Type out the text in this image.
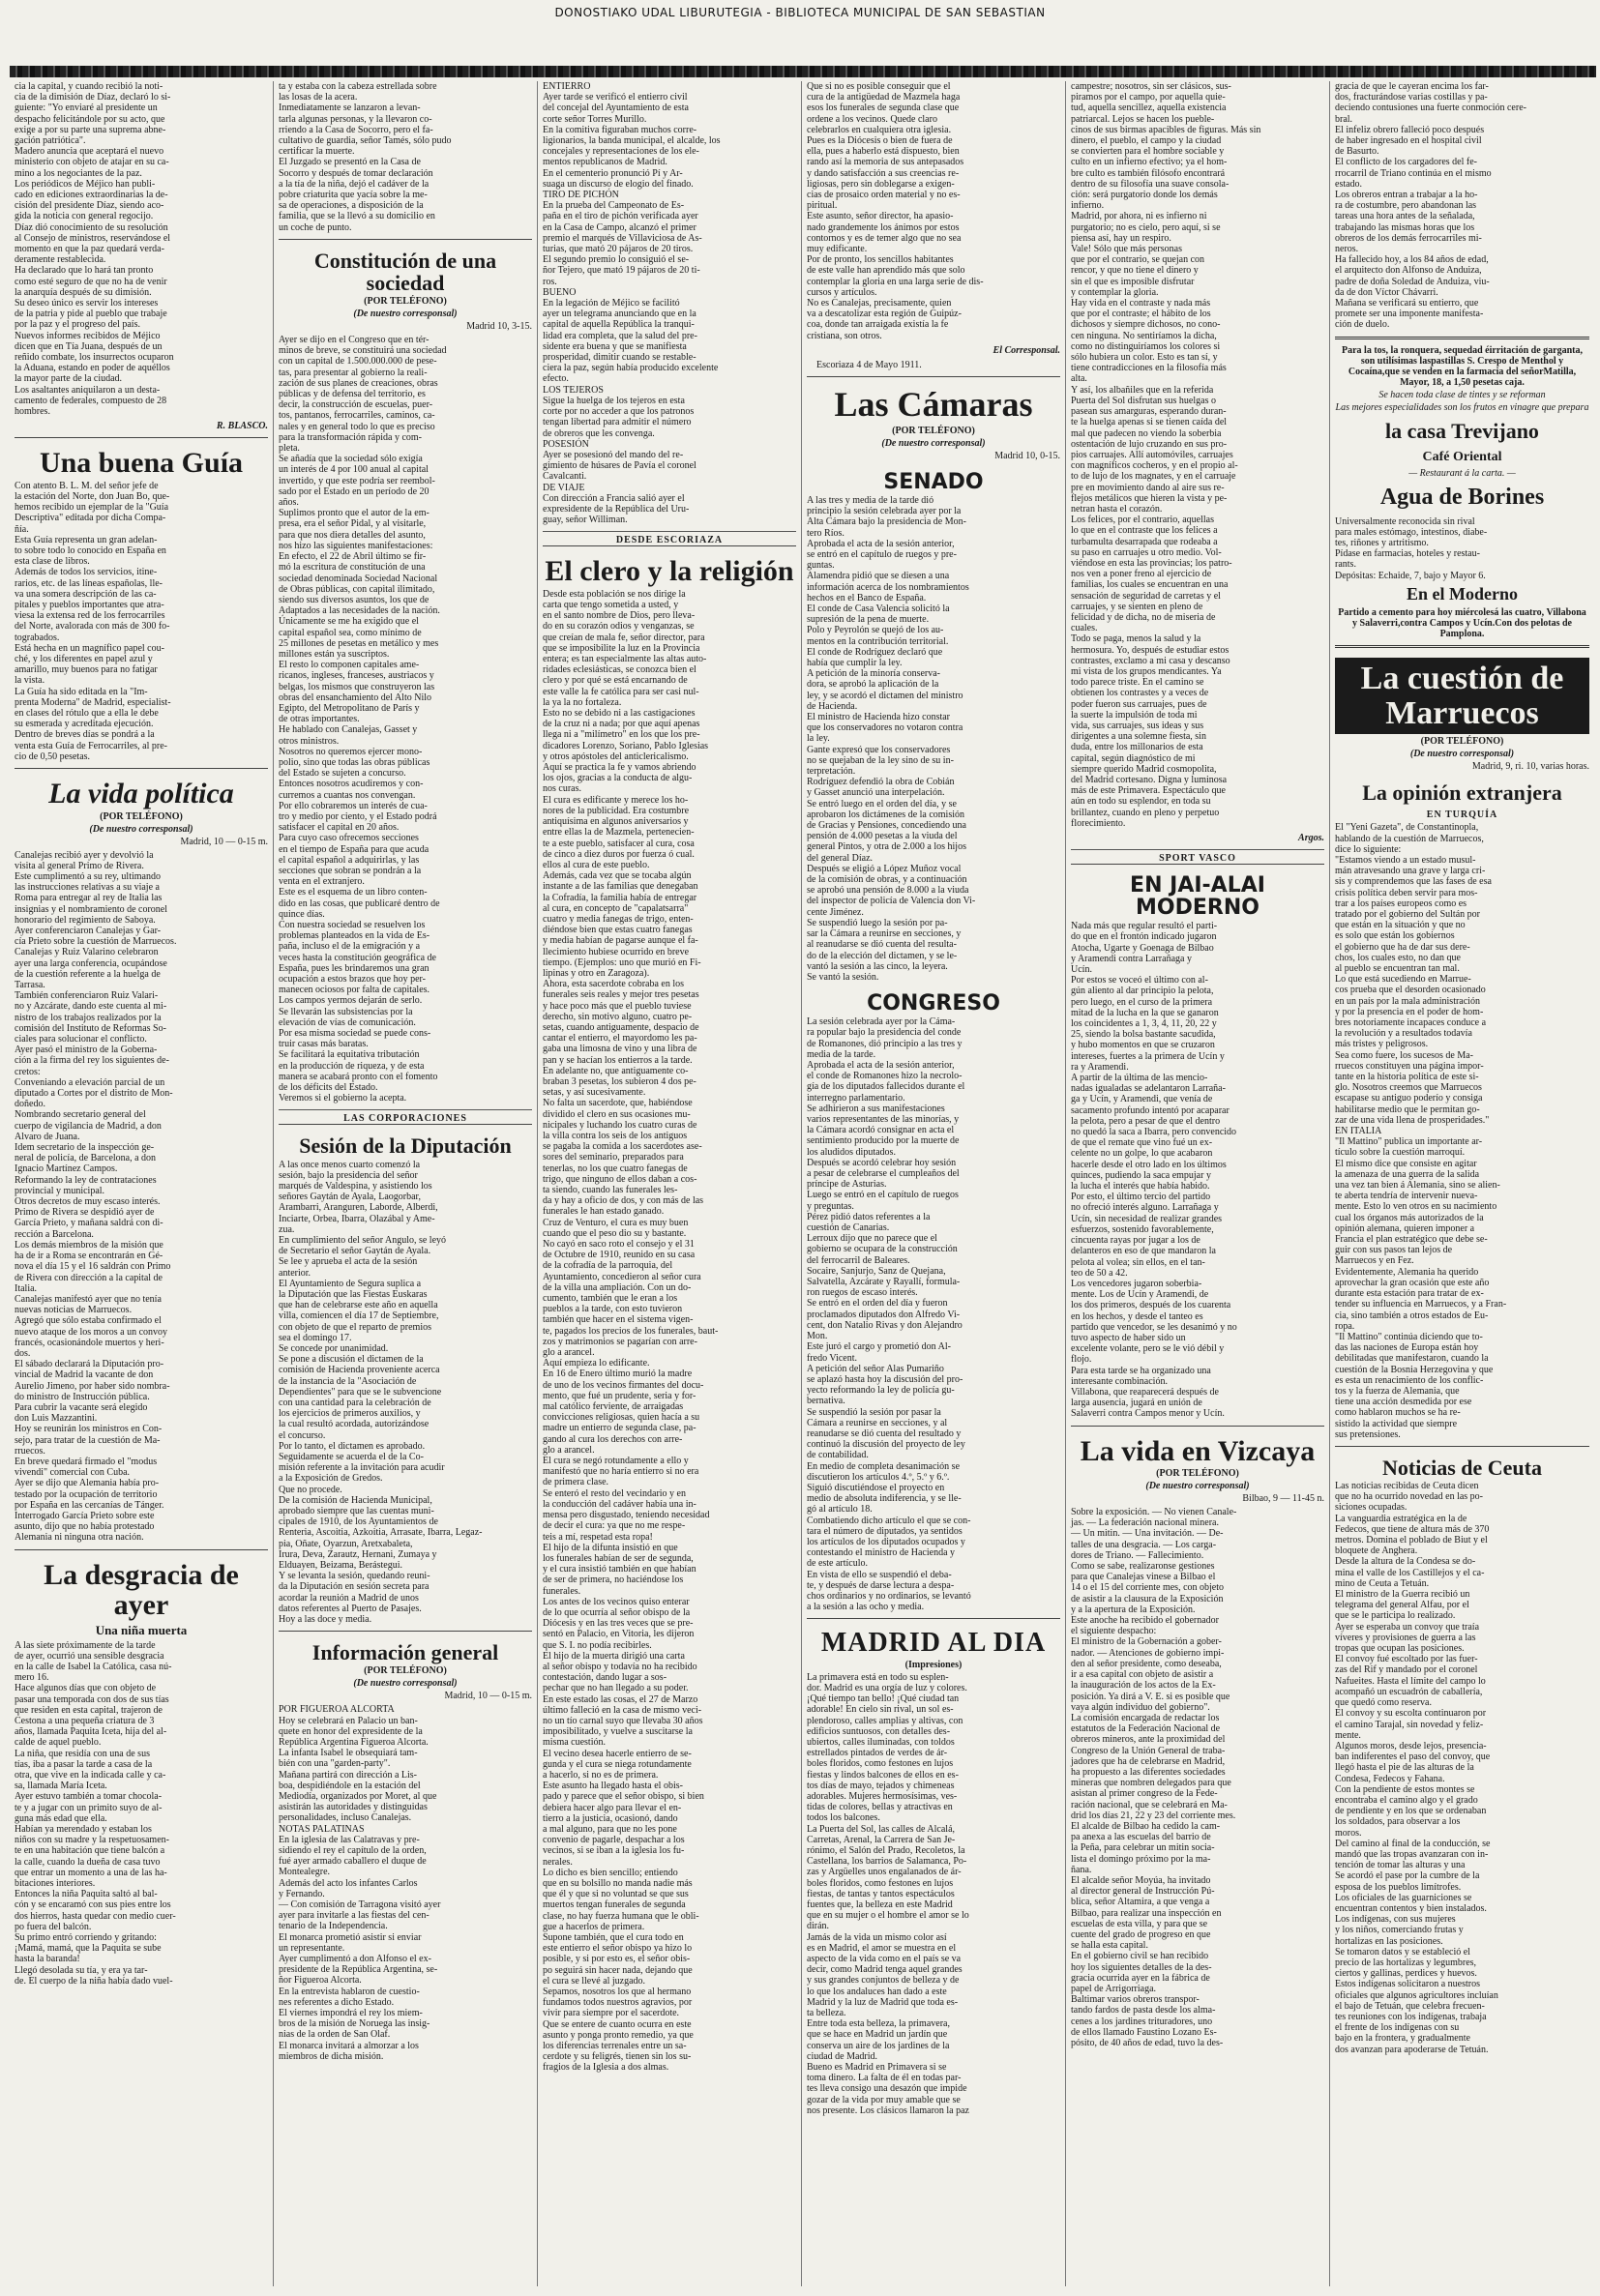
DONOSTIAKO UDAL LIBURUTEGIA - BIBLIOTECA MUNICIPAL DE SAN SEBASTIAN
cia la capital, y cuando recibió la noti-
cia de la dimisión de Díaz, declaró lo si-
guiente: "Yo enviaré al presidente un
despacho felicitándole por su acto, que
exige a por su parte una suprema abne-
gación patriótica".
Madero anuncia que aceptará el nuevo
ministerio con objeto de atajar en su ca-
mino a los negociantes de la paz.
Los periódicos de Méjico han publi-
cado en ediciones extraordinarias la de-
cisión del presidente Díaz, siendo aco-
gida la noticia con general regocijo.
Díaz dió conocimiento de su resolución
al Consejo de ministros, reservándose el
momento en que la paz quedará verda-
deramente restablecida.
Ha declarado que lo hará tan pronto
como esté seguro de que no ha de venir
la anarquía después de su dimisión.
Su deseo único es servir los intereses
de la patria y pide al pueblo que trabaje
por la paz y el progreso del país.
Nuevos informes recibidos de Méjico
dicen que en Tía Juana, después de un
reñido combate, los insurrectos ocuparon
la Aduana, estando en poder de aquéllos
la mayor parte de la ciudad.
Los asaltantes aniquilaron a un desta-
camento de federales, compuesto de 28
hombres.
R. BLASCO.
Una buena Guía
Con atento B. L. M. del señor jefe de
la estación del Norte, don Juan Bo, que-
hemos recibido un ejemplar de la "Guía
Descriptiva" editada por dicha Compa-
ñía.
Esta Guía representa un gran adelan-
to sobre todo lo conocido en España en
esta clase de libros.
Además de todos los servicios, itine-
rarios, etc. de las líneas españolas, lle-
va una somera descripción de las ca-
pitales y pueblos importantes que atra-
viesa la extensa red de los ferrocarriles
del Norte, avalorada con más de 300 fo-
tograbados.
Está hecha en un magnífico papel cou-
ché, y los diferentes en papel azul y
amarillo, muy buenos para no fatigar
la vista.
La Guía ha sido editada en la "Im-
prenta Moderna" de Madrid, especialist-
en clases del rótulo que a ella le debe
su esmerada y acreditada ejecución.
Dentro de breves días se pondrá a la
venta esta Guía de Ferrocarriles, al pre-
cio de 0,50 pesetas.
La vida política
(POR TELÉFONO)
(De nuestro corresponsal)
Madrid, 10 — 0-15 m.
Canalejas recibió ayer y devolvió la
visita al general Primo de Rivera.
Este cumplimentó a su rey, ultimando
las instrucciones relativas a su viaje a
Roma para entregar al rey de Italia las
insignias y el nombramiento de coronel
honorario del regimiento de Saboya.
Ayer conferenciaron Canalejas y Gar-
cía Prieto sobre la cuestión de Marruecos.
Canalejas y Ruiz Valarino celebraron
ayer una larga conferencia, ocupándose
de la cuestión referente a la huelga de
Tarrasa.
También conferenciaron Ruiz Valari-
no y Azcárate, dando este cuenta al mi-
nistro de los trabajos realizados por la
comisión del Instituto de Reformas So-
ciales para solucionar el conflicto.
Ayer pasó el ministro de la Goberna-
ción a la firma del rey los siguientes de-
cretos:
Conveniando a elevación parcial de un
diputado a Cortes por el distrito de Mon-
doñedo.
Nombrando secretario general del
cuerpo de vigilancia de Madrid, a don
Alvaro de Juana.
Idem secretario de la inspección ge-
neral de policía, de Barcelona, a don
Ignacio Martínez Campos.
Reformando la ley de contrataciones
provincial y municipal.
Otros decretos de muy escaso interés.
Primo de Rivera se despidió ayer de
García Prieto, y mañana saldrá con di-
rección a Barcelona.
Los demás miembros de la misión que
ha de ir a Roma se encontrarán en Gé-
nova el día 15 y el 16 saldrán con Primo
de Rivera con dirección a la capital de
Italia.
Canalejas manifestó ayer que no tenía
nuevas noticias de Marruecos.
Agregó que sólo estaba confirmado el
nuevo ataque de los moros a un convoy
francés, ocasionándole muertos y heri-
dos.
El sábado declarará la Diputación pro-
vincial de Madrid la vacante de don
Aurelio Jimeno, por haber sido nombra-
do ministro de Instrucción pública.
Para cubrir la vacante será elegido
don Luis Mazzantini.
Hoy se reunirán los ministros en Con-
sejo, para tratar de la cuestión de Ma-
rruecos.
En breve quedará firmado el "modus
vivendi" comercial con Cuba.
Ayer se dijo que Alemania había pro-
testado por la ocupación de territorio
por España en las cercanías de Tánger.
Interrogado García Prieto sobre este
asunto, dijo que no había protestado
Alemania ni ninguna otra nación.
La desgracia de ayer
Una niña muerta
A las siete próximamente de la tarde
de ayer, ocurrió una sensible desgracia
en la calle de Isabel la Católica, casa nú-
mero 16.
Hace algunos días que con objeto de
pasar una temporada con dos de sus tías
que residen en esta capital, trajeron de
Cestona a una pequeña criatura de 3
años, llamada Paquita Iceta, hija del al-
calde de aquel pueblo.
La niña, que residía con una de sus
tías, iba a pasar la tarde a casa de la
otra, que vive en la indicada calle y ca-
sa, llamada María Iceta.
Ayer estuvo también a tomar chocola-
te y a jugar con un primito suyo de al-
guna más edad que ella.
Habían ya merendado y estaban los
niños con su madre y la respetuosamen-
te en una habitación que tiene balcón a
la calle, cuando la dueña de casa tuvo
que entrar un momento a una de las ha-
bitaciones interiores.
Entonces la niña Paquita saltó al bal-
cón y se encaramó con sus pies entre los
dos hierros, hasta quedar con medio cuer-
po fuera del balcón.
Su primo entró corriendo y gritando:
¡Mamá, mamá, que la Paquita se sube
hasta la baranda!
Llegó desolada su tía, y era ya tar-
de. El cuerpo de la niña había dado vuel-
ta y estaba con la cabeza estrellada sobre
las losas de la acera.
Inmediatamente se lanzaron a levan-
tarla algunas personas, y la llevaron co-
rriendo a la Casa de Socorro, pero el fa-
cultativo de guardia, señor Tamés, sólo pudo
certificar la muerte.
El Juzgado se presentó en la Casa de
Socorro y después de tomar declaración
a la tía de la niña, dejó el cadáver de la
pobre criaturita que yacía sobre la me-
sa de operaciones, a disposición de la
familia, que se la llevó a su domicilio en
un coche de punto.
Constitución de una sociedad
(POR TELÉFONO)
(De nuestro corresponsal)
Madrid 10, 3-15.
Ayer se dijo en el Congreso que en tér-
minos de breve, se constituirá una sociedad
con un capital de 1.500.000.000 de pese-
tas, para presentar al gobierno la reali-
zación de sus planes de creaciones, obras
públicas y de defensa del territorio, es
decir, la construcción de escuelas, puer-
tos, pantanos, ferrocarriles, caminos, ca-
nales y en general todo lo que es preciso
para la transformación rápida y com-
pleta.
Se añadía que la sociedad sólo exigía
un interés de 4 por 100 anual al capital
invertido, y que este podría ser reembol-
sado por el Estado en un período de 20
años.
Suplimos pronto que el autor de la em-
presa, era el señor Pidal, y al visitarle,
para que nos diera detalles del asunto,
nos hizo las siguientes manifestaciones:
En efecto, el 22 de Abril último se fir-
mó la escritura de constitución de una
sociedad denominada Sociedad Nacional
de Obras públicas, con capital ilimitado,
siendo sus diversos asuntos, los que de
Adaptados a las necesidades de la nación.
Únicamente se me ha exigido que el
capital español sea, como mínimo de
25 millones de pesetas en metálico y mes
millones están ya suscriptos.
El resto lo componen capitales ame-
ricanos, ingleses, franceses, austriacos y
belgas, los mismos que construyeron las
obras del ensanchamiento del Alto Nilo
Egipto, del Metropolitano de París y
de otras importantes.
He hablado con Canalejas, Gasset y
otros ministros.
Nosotros no queremos ejercer mono-
polio, sino que todas las obras públicas
del Estado se sujeten a concurso.
Entonces nosotros acudiremos y con-
curremos a cuantas nos convengan.
Por ello cobraremos un interés de cua-
tro y medio por ciento, y el Estado podrá
satisfacer el capital en 20 años.
Para cuyo caso ofrecemos secciones
en el tiempo de España para que acuda
el capital español a adquirirlas, y las
secciones que sobran se pondrán a la
venta en el extranjero.
Este es el esquema de un libro conten-
dido en las cosas, que publicaré dentro de
quince días.
Con nuestra sociedad se resuelven los
problemas planteados en la vida de Es-
paña, incluso el de la emigración y a
veces hasta la constitución geográfica de
España, pues les brindaremos una gran
ocupación a estos brazos que hoy per-
manecen ociosos por falta de capitales.
Los campos yermos dejarán de serlo.
Se llevarán las subsistencias por la
elevación de vías de comunicación.
Por esa misma sociedad se puede cons-
truir casas más baratas.
Se facilitará la equitativa tributación
en la producción de riqueza, y de esta
manera se acabará pronto con el fomento
de los déficits del Estado.
Veremos si el gobierno la acepta.
LAS CORPORACIONES
Sesión de la Diputación
A las once menos cuarto comenzó la
sesión, bajo la presidencia del señor
marqués de Valdespina, y asistiendo los
señores Gaytán de Ayala, Laogorbar,
Arambarri, Aranguren, Laborde, Alberdi,
Inciarte, Orbea, Ibarra, Olazábal y Ame-
zua.
En cumplimiento del señor Angulo, se leyó
de Secretario el señor Gaytán de Ayala.
Se lee y aprueba el acta de la sesión
anterior.
El Ayuntamiento de Segura suplica a
la Diputación que las Fiestas Euskaras
que han de celebrarse este año en aquella
villa, comiencen el día 17 de Septiembre,
con objeto de que el reparto de premios
sea el domingo 17.
Se concede por unanimidad.
Se pone a discusión el dictamen de la
comisión de Hacienda proveniente acerca
de la instancia de la "Asociación de
Dependientes" para que se le subvencione
con una cantidad para la celebración de
los ejercicios de primeros auxilios, y
la cual resultó acordada, autorizándose
el concurso.
Por lo tanto, el dictamen es aprobado.
Seguidamente se acuerda el de la Co-
misión referente a la invitación para acudir
a la Exposición de Gredos.
Que no procede.
De la comisión de Hacienda Municipal,
aprobado siempre que las cuentas muni-
cipales de 1910, de los Ayuntamientos de
Renteria, Ascoitia, Azkoitia, Arrasate, Ibarra, Legaz-
pia, Oñate, Oyarzun, Aretxabaleta,
Irura, Deva, Zarautz, Hernani, Zumaya y
Elduayen, Beizama, Berástegui.
Y se levanta la sesión, quedando reuni-
da la Diputación en sesión secreta para
acordar la reunión a Madrid de unos
datos referentes al Puerto de Pasajes.
Hoy a las doce y media.
Información general
(POR TELÉFONO)
(De nuestro corresponsal)
Madrid, 10 — 0-15 m.
POR FIGUEROA ALCORTA
Hoy se celebrará en Palacio un ban-
quete en honor del expresidente de la
República Argentina Figueroa Alcorta.
La infanta Isabel le obsequiará tam-
bién con una "garden-party".
Mañana partirá con dirección a Lis-
boa, despidiéndole en la estación del
Mediodía, organizados por Moret, al que
asistirán las autoridades y distinguidas
personalidades, incluso Canalejas.
NOTAS PALATINAS
En la iglesia de las Calatravas y pre-
sidiendo el rey el capítulo de la orden,
fué ayer armado caballero el duque de
Montealegre.
Además del acto los infantes Carlos
y Fernando.
— Con comisión de Tarragona visitó ayer
ayer para invitarle a las fiestas del cen-
tenario de la Independencia.
El monarca prometió asistir si enviar
un representante.
Ayer cumplimentó a don Alfonso el ex-
presidente de la República Argentina, se-
ñor Figueroa Alcorta.
En la entrevista hablaron de cuestio-
nes referentes a dicho Estado.
El viernes impondrá el rey los miem-
bros de la misión de Noruega las insig-
nias de la orden de San Olaf.
El monarca invitará a almorzar a los
miembros de dicha misión.
ENTIERRO
Ayer tarde se verificó el entierro civil
del concejal del Ayuntamiento de esta
corte señor Torres Murillo.
En la comitiva figuraban muchos corre-
ligionarios, la banda municipal, el alcalde, los
concejales y representaciones de los ele-
mentos republicanos de Madrid.
En el cementerio pronunció Pí y Ar-
suaga un discurso de elogio del finado.
TIRO DE PICHÓN
En la prueba del Campeonato de Es-
paña en el tiro de pichón verificada ayer
en la Casa de Campo, alcanzó el primer
premio el marqués de Villaviciosa de As-
turias, que mató 20 pájaros de 20 tiros.
El segundo premio lo consiguió el se-
ñor Tejero, que mató 19 pájaros de 20 ti-
ros.
BUENO
En la legación de Méjico se facilitó
ayer un telegrama anunciando que en la
capital de aquella República la tranqui-
lidad era completa, que la salud del pre-
sidente era buena y que se manifiesta
prosperidad, dimitir cuando se restable-
ciera la paz, según había producido excelente
efecto.
LOS TEJEROS
Sigue la huelga de los tejeros en esta
corte por no acceder a que los patronos
tengan libertad para admitir el número
de obreros que les convenga.
POSESIÓN
Ayer se posesionó del mando del re-
gimiento de húsares de Pavía el coronel
Cavalcanti.
DE VIAJE
Con dirección a Francia salió ayer el
expresidente de la República del Uru-
guay, señor Williman.
DESDE ESCORIAZA
El clero y la religión
Desde esta población se nos dirige la
carta que tengo sometida a usted, y
en el santo nombre de Dios, pero lleva-
do en su corazón odios y venganzas, se
que creían de mala fe, señor director, para
que se imposibilite la luz en la Provincia
entera; es tan especialmente las altas auto-
ridades eclesiásticas, se conozca bien el
clero y por qué se está encarnando de
este valle la fe católica para ser casi nul-
la ya la no fortaleza.
Esto no se debido ni a las castigaciones
de la cruz ni a nada; por que aquí apenas
llega ni a "milímetro" en los que los pre-
dicadores Lorenzo, Soriano, Pablo Iglesias
y otros apóstoles del anticlericalismo.
Aquí se practica la fe y vamos abriendo
los ojos, gracias a la conducta de algu-
nos curas.
El cura es edificante y merece los ho-
nores de la publicidad. Era costumbre
antiquísima en algunos aniversarios y
entre ellas la de Mazmela, pertenecien-
te a este pueblo, satisfacer al cura, cosa
de cinco a diez duros por fuerza ó cual.
ellos al cura de este pueblo.
Además, cada vez que se tocaba algún
instante a de las familias que denegaban
la Cofradía, la familia había de entregar
al cura, en concepto de "capalatsarra"
cuatro y media fanegas de trigo, enten-
diéndose bien que estas cuatro fanegas
y media habían de pagarse aunque el fa-
llecimiento hubiese ocurrido en breve
tiempo. (Ejemplos: uno que murió en Fi-
lipinas y otro en Zaragoza).
Ahora, esta sacerdote cobraba en los
funerales seis reales y mejor tres pesetas
y hace poco más que el pueblo tuviese
derecho, sin motivo alguno, cuatro pe-
setas, cuando antiguamente, despacio de
cantar el entierro, el mayordomo les pa-
gaba una limosna de vino y una libra de
pan y se hacían los entierros a la tarde.
En adelante no, que antiguamente co-
braban 3 pesetas, los subieron 4 dos pe-
setas, y así sucesivamente.
No falta un sacerdote, que, habiéndose
dividido el clero en sus ocasiones mu-
nicipales y luchando los cuatro curas de
la villa contra los seis de los antiguos
se pagaba la comida a los sacerdotes ase-
sores del seminario, preparados para
tenerlas, no los que cuatro fanegas de
trigo, que ninguno de ellos daban a cos-
ta siendo, cuando las funerales les-
da y hay a oficio de dos, y con más de las
funerales le han estado ganado.
Cruz de Venturo, el cura es muy buen
cuando que el peso dio su y bastante.
No cayó en saco roto el consejo y el 31
de Octubre de 1910, reunido en su casa
de la cofradía de la parroquia, del
Ayuntamiento, concedieron al señor cura
de la villa una ampliación. Con un do-
cumento, también que le eran a los
pueblos a la tarde, con esto tuvieron
también que hacer en el sistema vigen-
te, pagados los precios de los funerales, baut-
zos y matrimonios se pagarían con arre-
glo a arancel.
Aquí empieza lo edificante.
En 16 de Enero último murió la madre
de uno de los vecinos firmantes del docu-
mento, que fué un prudente, seria y for-
mal católico ferviente, de arraigadas
convicciones religiosas, quien hacía a su
madre un entierro de segunda clase, pa-
gando al cura los derechos con arre-
glo a arancel.
El cura se negó rotundamente a ello y
manifestó que no haría entierro si no era
de primera clase.
Se enteró el resto del vecindario y en
la conducción del cadáver había una in-
mensa pero disgustado, teniendo necesidad
de decir el cura: ya que no me respe-
teis a mí, respetad esta ropa!
El hijo de la difunta insistió en que
los funerales habían de ser de segunda,
y el cura insistió también en que habían
de ser de primera, no haciéndose los
funerales.
Los antes de los vecinos quiso enterar
de lo que ocurría al señor obispo de la
Diócesis y en las tres veces que se pre-
sentó en Palacio, en Vitoria, les dijeron
que S. I. no podía recibirles.
El hijo de la muerta dirigió una carta
al señor obispo y todavía no ha recibido
contestación, dando lugar a sos-
pechar que no han llegado a su poder.
En este estado las cosas, el 27 de Marzo
último falleció en la casa de mismo veci-
no un tío carnal suyo que llevaba 30 años
imposibilitado, y vuelve a suscitarse la
misma cuestión.
El vecino desea hacerle entierro de se-
gunda y el cura se niega rotundamente
a hacerlo, si no es de primera.
Este asunto ha llegado hasta el obis-
pado y parece que el señor obispo, si bien
debiera hacer algo para llevar el en-
tierro a la justicia, ocasionó, dando
a mal alguno, para que no les pone
convenio de pagarle, despachar a los
vecinos, si se iban a la iglesia los fu-
nerales.
Lo dicho es bien sencillo; entiendo
que en su bolsillo no manda nadie más
que él y que si no voluntad se que sus
muertos tengan funerales de segunda
clase, no hay fuerza humana que le obli-
gue a hacerlos de primera.
Supone también, que el cura todo en
este entierro el señor obispo ya hizo lo
posible, y si por esto es, el señor obis-
po seguirá sin hacer nada, dejando que
el cura se llevé al juzgado.
Sepamos, nosotros los que al hermano
fundamos todos nuestros agravios, por
vivir para siempre por el sacerdote.
Que se entere de cuanto ocurra en este
asunto y ponga pronto remedio, ya que
los diferencias terrenales entre un sa-
cerdote y su feligrés, tienen sin los su-
fragios de la Iglesia a dos almas.
Que si no es posible conseguir que el
cura de la antigüedad de Mazmela haga
esos los funerales de segunda clase que
ordene a los vecinos. Quede claro
celebrarlos en cualquiera otra iglesia.
Pues es la Diócesis o bien de fuera de
ella, pues a haberlo está dispuesto, bien
rando así la memoria de sus antepasados
y dando satisfacción a sus creencias re-
ligiosas, pero sin doblegarse a exigen-
cias de prosaico orden material y no es-
piritual.
Este asunto, señor director, ha apasio-
nado grandemente los ánimos por estos
contornos y es de temer algo que no sea
muy edificante.
Por de pronto, los sencillos habitantes
de este valle han aprendido más que solo
contemplar la gloria en una larga serie de dis-
cursos y artículos.
No es Canalejas, precisamente, quien
va a descatolizar esta región de Guipúz-
coa, donde tan arraigada existía la fe
cristiana, son otros.
El Corresponsal.
Escoriaza 4 de Mayo 1911.
Las Cámaras
(POR TELÉFONO)
(De nuestro corresponsal)
Madrid 10, 0-15.
SENADO
A las tres y media de la tarde dió
principio la sesión celebrada ayer por la
Alta Cámara bajo la presidencia de Mon-
tero Ríos.
Aprobada el acta de la sesión anterior,
se entró en el capítulo de ruegos y pre-
guntas.
Alamendra pidió que se diesen a una
información acerca de los nombramientos
hechos en el Banco de España.
El conde de Casa Valencia solicitó la
supresión de la pena de muerte.
Polo y Peyrolón se quejó de los au-
mentos en la contribución territorial.
El conde de Rodríguez declaró que
había que cumplir la ley.
A petición de la minoría conserva-
dora, se aprobó la aplicación de la
ley, y se acordó el dictamen del ministro
de Hacienda.
El ministro de Hacienda hizo constar
que los conservadores no votaron contra
la ley.
Gante expresó que los conservadores
no se quejaban de la ley sino de su in-
terpretación.
Rodríguez defendió la obra de Cobián
y Gasset anunció una interpelación.
Se entró luego en el orden del día, y se
aprobaron los dictámenes de la comisión
de Gracias y Pensiones, concediendo una
pensión de 4.000 pesetas a la viuda del
general Pintos, y otra de 2.000 a los hijos
del general Díaz.
Después se eligió a López Muñoz vocal
de la comisión de obras, y a continuación
se aprobó una pensión de 8.000 a la viuda
del inspector de policía de Valencia don Vi-
cente Jiménez.
Se suspendió luego la sesión por pa-
sar la Cámara a reunirse en secciones, y
al reanudarse se dió cuenta del resulta-
do de la elección del dictamen, y se le-
vantó la sesión a las cinco, la leyera.
Se vantó la sesión.
CONGRESO
La sesión celebrada ayer por la Cáma-
ra popular bajo la presidencia del conde
de Romanones, dió principio a las tres y
media de la tarde.
Aprobada el acta de la sesión anterior,
el conde de Romanones hizo la necrolo-
gía de los diputados fallecidos durante el
interregno parlamentario.
Se adhirieron a sus manifestaciones
varios representantes de las minorías, y
la Cámara acordó consignar en acta el
sentimiento producido por la muerte de
los aludidos diputados.
Después se acordó celebrar hoy sesión
a pesar de celebrarse el cumpleaños del
príncipe de Asturias.
Luego se entró en el capítulo de ruegos
y preguntas.
Pérez pidió datos referentes a la
cuestión de Canarias.
Lerroux dijo que no parece que el
gobierno se ocupara de la construcción
del ferrocarril de Baleares.
Socaire, Sanjurjo, Sanz de Quejana,
Salvatella, Azcárate y Rayallí, formula-
ron ruegos de escaso interés.
Se entró en el orden del día y fueron
proclamados diputados don Alfredo Vi-
cent, don Natalio Rivas y don Alejandro
Mon.
Este juró el cargo y prometió don Al-
fredo Vicent.
A petición del señor Alas Pumariño
se aplazó hasta hoy la discusión del pro-
yecto reformando la ley de policía gu-
bernativa.
Se suspendió la sesión por pasar la
Cámara a reunirse en secciones, y al
reanudarse se dió cuenta del resultado y
continuó la discusión del proyecto de ley
de contabilidad.
En medio de completa desanimación se
discutieron los artículos 4.º, 5.º y 6.º.
Siguió discutiéndose el proyecto en
medio de absoluta indiferencia, y se lle-
gó al artículo 18.
Combatiendo dicho artículo el que se con-
tara el número de diputados, ya sentidos
los artículos de los diputados ocupados y
contestando el ministro de Hacienda y
de este artículo.
En vista de ello se suspendió el deba-
te, y después de darse lectura a despa-
chos ordinarios y no ordinarios, se levantó
a la sesión a las ocho y media.
MADRID AL DIA
(Impresiones)
La primavera está en todo su esplen-
dor. Madrid es una orgía de luz y colores.
¡Qué tiempo tan bello! ¡Qué ciudad tan
adorable! En cielo sin rival, un sol es-
plendoroso, calles amplias y altivas, con
edificios suntuosos, con detalles des-
ubiertos, calles iluminadas, con toldos
estrellados pintados de verdes de ár-
boles floridos, como festones en lujos
fiestas y lindos balcones de ellos en es-
tos días de mayo, tejados y chimeneas
adorables. Mujeres hermosísimas, ves-
tidas de colores, bellas y atractivas en
todos los balcones.
La Puerta del Sol, las calles de Alcalá,
Carretas, Arenal, la Carrera de San Je-
rónimo, el Salón del Prado, Recoletos, la
Castellana, los barrios de Salamanca, Po-
zas y Argüelles unos engalanados de ár-
boles floridos, como festones en lujos
fiestas, de tantas y tantos espectáculos
fuentes que, la belleza en este Madrid
que en su mujer o el hombre el amor se lo
dirán.
Jamás de la vida un mismo color así
es en Madrid, el amor se muestra en el
aspecto de la vida como en el país se va
decir, como Madrid tenga aquel grandes
y sus grandes conjuntos de belleza y de
lo que los andaluces han dado a este
Madrid y la luz de Madrid que toda es-
ta belleza.
Entre toda esta belleza, la primavera,
que se hace en Madrid un jardín que
conserva un aire de los jardines de la
ciudad de Madrid.
Bueno es Madrid en Primavera si se
toma dinero. La falta de él en todas par-
tes lleva consigo una desazón que impide
gozar de la vida por muy amable que se
nos presente. Los clásicos llamaron la paz
campestre; nosotros, sin ser clásicos, sus-
piramos por el campo, por aquella quie-
tud, aquella sencillez, aquella existencia
patriarcal. Lejos se hacen los pueble-
cinos de sus birmas apacibles de figuras. Más sin
dinero, el pueblo, el campo y la ciudad
se convierten para el hombre sociable y
culto en un infierno efectivo; ya el hom-
bre culto es también filósofo encontrará
dentro de su filosofía una suave consola-
ción: será purgatorio donde los demás
infierno.
Madrid, por ahora, ni es infierno ni
purgatorio; no es cielo, pero aquí, si se
piensa así, hay un respiro.
Vale! Sólo que más personas
que por el contrario, se quejan con
rencor, y que no tiene el dinero y
sin el que es imposible disfrutar
y contemplar la gloria.
Hay vida en el contraste y nada más
que por el contraste; el hábito de los
dichosos y siempre dichosos, no cono-
cen ninguna. No sentiríamos la dicha,
como no distinguiríamos los colores si
sólo hubiera un color. Esto es tan sí, y
tiene contradicciones en la filosofía más
alta.
Y así, los albañiles que en la referida
Puerta del Sol disfrutan sus huelgas o
pasean sus amarguras, esperando duran-
te la huelga apenas si se tienen caída del
mal que padecen no viendo la soberbia
ostentación de lujo cruzando en sus pro-
pios carruajes. Allí automóviles, carruajes
con magníficos cocheros, y en el propio al-
to de lujo de los magnates, y en el carruaje
pre en movimiento dando al aire sus re-
flejos metálicos que hieren la vista y pe-
netran hasta el corazón.
Los felices, por el contrario, aquellas
lo que en el contraste que los felices a
turbamulta desarrapada que rodeaba a
su paso en carruajes u otro medio. Vol-
viéndose en esta las provincias; los patro-
nos ven a poner freno al ejercicio de
familias, los cuales se encuentran en una
sensación de seguridad de carretas y el
carruajes, y se sienten en pleno de
felicidad y de dicha, no de miseria de
cuales.
Todo se paga, menos la salud y la
hermosura. Yo, después de estudiar estos
contrastes, exclamo a mi casa y descanso
mi vista de los grupos mendicantes. Ya
todo parece triste. En el camino se
obtienen los contrastes y a veces de
poder fueron sus carruajes, pues de
la suerte la impulsión de toda mi
vida, sus carruajes, sus ideas y sus
dirigentes a una solemne fiesta, sin
duda, entre los millonarios de esta
capital, según diagnóstico de mi
siempre querido Madrid cosmopolita,
del Madrid cortesano. Digna y luminosa
más de este Primavera. Espectáculo que
aún en todo su esplendor, en toda su
brillantez, cuando en pleno y perpetuo
florecimiento.
Argos.
SPORT VASCO
EN JAI-ALAI MODERNO
Nada más que regular resultó el parti-
do que en el frontón indicado jugaron
Atocha, Ugarte y Goenaga de Bilbao
y Aramendi contra Larrañaga y
Ucín.
Por estos se voceó el último con al-
gún aliento al dar principio la pelota,
pero luego, en el curso de la primera
mitad de la lucha en la que se ganaron
los coincidentes a 1, 3, 4, 11, 20, 22 y
25, siendo la bolsa bastante sacudida,
y hubo momentos en que se cruzaron
intereses, fuertes a la primera de Ucín y
ra y Aramendi.
A partir de la última de las mencio-
nadas igualadas se adelantaron Larraña-
ga y Ucín, y Aramendi, que venía de
sacamento profundo intentó por acaparar
la pelota, pero a pesar de que el dentro
no quedó la saca a Ibarra, pero convencido
de que el remate que vino fué un ex-
celente no un golpe, lo que acabaron
hacerle desde el otro lado en los últimos
quinces, pudiendo la saca empujar y
la lucha el interés que había habido.
Por esto, el último tercio del partido
no ofreció interés alguno. Larrañaga y
Ucín, sin necesidad de realizar grandes
esfuerzos, sostenido favorablemente,
cincuenta rayas por jugar a los de
delanteros en eso de que mandaron la
pelota al volea; sin ellos, en el tan-
teo de 50 a 42.
Los vencedores jugaron soberbia-
mente. Los de Ucín y Aramendi, de
los dos primeros, después de los cuarenta
en los hechos, y desde el tanteo es
partido que vencedor, se les desanimó y no
tuvo aspecto de haber sido un
excelente volante, pero se le vió débil y
flojo.
Para esta tarde se ha organizado una
interesante combinación.
Villabona, que reaparecerá después de
larga ausencia, jugará en unión de
Salaverri contra Campos menor y Ucín.
La vida en Vizcaya
(POR TELÉFONO)
(De nuestro corresponsal)
Bilbao, 9 — 11-45 n.
Sobre la exposición. — No vienen Canale-
jas. — La federación nacional minera.
— Un mitin. — Una invitación. — De-
talles de una desgracia. — Los carga-
dores de Triano. — Fallecimiento.
Como se sabe, realizaronse gestiones
para que Canalejas vinese a Bilbao el
14 o el 15 del corriente mes, con objeto
de asistir a la clausura de la Exposición
y a la apertura de la Exposición.
Este anoche ha recibido el gobernador
el siguiente despacho:
El ministro de la Gobernación a gober-
nador. — Atenciones de gobierno impi-
den al señor presidente, como deseaba,
ir a esa capital con objeto de asistir a
la inauguración de los actos de la Ex-
posición. Ya dirá a V. E. si es posible que
vaya algún individuo del gobierno".
La comisión encargada de redactar los
estatutos de la Federación Nacional de
obreros mineros, ante la proximidad del
Congreso de la Unión General de traba-
jadores que ha de celebrarse en Madrid,
ha propuesto a las diferentes sociedades
mineras que nombren delegados para que
asistan al primer congreso de la Fede-
ración nacional, que se celebrará en Ma-
drid los días 21, 22 y 23 del corriente mes.
El alcalde de Bilbao ha cedido la cam-
pa anexa a las escuelas del barrio de
la Peña, para celebrar un mitin socia-
lista el domingo próximo por la ma-
ñana.
El alcalde señor Moyúa, ha invitado
al director general de Instrucción Pú-
blica, señor Altamira, a que venga a
Bilbao, para realizar una inspección en
escuelas de esta villa, y para que se
cuente del grado de progreso en que
se halla esta capital.
En el gobierno civil se han recibido
hoy los siguientes detalles de la des-
gracia ocurrida ayer en la fábrica de
papel de Arrigorriaga.
Baltimar varios obreros transpor-
tando fardos de pasta desde los alma-
cenes a los jardines trituradores, uno
de ellos llamado Faustino Lozano Es-
pósito, de 40 años de edad, tuvo la des-
gracia de que le cayeran encima los far-
dos, fracturándose varias costillas y pa-
deciendo contusiones una fuerte conmoción cere-
bral.
El infeliz obrero falleció poco después
de haber ingresado en el hospital civil
de Basurto.
El conflicto de los cargadores del fe-
rrocarril de Triano continúa en el mismo
estado.
Los obreros entran a trabajar a la ho-
ra de costumbre, pero abandonan las
tareas una hora antes de la señalada,
trabajando las mismas horas que los
obreros de los demás ferrocarriles mi-
neros.
Ha fallecido hoy, a los 84 años de edad,
el arquitecto don Alfonso de Anduiza,
padre de doña Soledad de Anduiza, viu-
da de don Víctor Chávarri.
Mañana se verificará su entierro, que
promete ser una imponente manifesta-
ción de duelo.
Para la tos, la ronquera, sequedad éirritación de garganta, son utilísimas laspastillas S. Crespo de Menthol y Cocaína,que se venden en la farmacia del señorMatilla, Mayor, 18, a 1,50 pesetas caja.
Se hacen toda clase de tintes y se reforman
Las mejores especialidades son los frutos en vinagre que prepara
la casa Trevijano
Café Oriental
— Restaurant á la carta. —
Agua de Borines
Universalmente reconocida sin rival
para males estómago, intestinos, diabe-
tes, riñones y artritismo.
Pídase en farmacias, hoteles y restau-
rants.
Depósitas: Echaide, 7, bajo y Mayor 6.
En el Moderno
Partido a cemento para hoy miércolesá las cuatro, Villabona y Salaverri,contra Campos y Ucín.Con dos pelotas de Pamplona.
La cuestión de Marruecos
(POR TELÉFONO)
(De nuestro corresponsal)
Madrid, 9, ri. 10, varias horas.
La opinión extranjera
EN TURQUÍA
El "Yeni Gazeta", de Constantinopla,
hablando de la cuestión de Marruecos,
dice lo siguiente:
"Estamos viendo a un estado musul-
mán atravesando una grave y larga cri-
sis y comprendemos que las fases de esa
crisis política deben servir para mos-
trar a los países europeos como es
tratado por el gobierno del Sultán por
que están en la situación y que no
es solo que están los gobiernos
el gobierno que ha de dar sus dere-
chos, los cuales esto, no dan que
al pueblo se encuentran tan mal.
Lo que está sucediendo en Marrue-
cos prueba que el desorden ocasionado
en un país por la mala administración
y por la presencia en el poder de hom-
bres notoriamente incapaces conduce a
la revolución y a resultados todavía
más tristes y peligrosos.
Sea como fuere, los sucesos de Ma-
rruecos constituyen una página impor-
tante en la historia política de este si-
glo. Nosotros creemos que Marruecos
escapase su antiguo poderío y consiga
habilitarse medio que le permitan go-
zar de una vida llena de prosperidades."
EN ITALIA
"Il Mattino" publica un importante ar-
tículo sobre la cuestión marroquí.
El mismo dice que consiste en agitar
la amenaza de una guerra de la salida
una vez tan bien á Alemania, sino se alien-
te aberta tendría de intervenir nueva-
mente. Esto lo ven otros en su nacimiento
cual los órganos más autorizados de la
opinión alemana, quieren imponer a
Francia el plan estratégico que debe se-
guir con sus pasos tan lejos de
Marruecos y en Fez.
Evidentemente, Alemania ha querido
aprovechar la gran ocasión que este año
durante esta estación para tratar de ex-
tender su influencia en Marruecos, y a Fran-
cia, sino también a otros estados de Eu-
ropa.
"Il Mattino" continúa diciendo que to-
das las naciones de Europa están hoy
debilitadas que manifestaron, cuando la
cuestión de la Bosnia Herzegovina y que
es esta un renacimiento de los conflic-
tos y la fuerza de Alemania, que
tiene una acción desmedida por ese
como hablaron muchos se ha re-
sistido la actividad que siempre
sus pretensiones.
Noticias de Ceuta
Las noticias recibidas de Ceuta dicen
que no ha ocurrido novedad en las po-
siciones ocupadas.
La vanguardia estratégica en la de
Fedecos, que tiene de altura más de 370
metros. Domina el poblado de Biut y el
bloquete de Anghera.
Desde la altura de la Condesa se do-
mina el valle de los Castillejos y el ca-
mino de Ceuta a Tetuán.
El ministro de la Guerra recibió un
telegrama del general Alfau, por el
que se le participa lo realizado.
Ayer se esperaba un convoy que traía
víveres y provisiones de guerra a las
tropas que ocupan las posiciones.
El convoy fué escoltado por las fuer-
zas del Rif y mandado por el coronel
Nafueites. Hasta el límite del campo lo
acompañó un escuadrón de caballería,
que quedó como reserva.
El convoy y su escolta continuaron por
el camino Tarajal, sin novedad y feliz-
mente.
Algunos moros, desde lejos, presencia-
ban indiferentes el paso del convoy, que
llegó hasta el pie de las alturas de la
Condesa, Fedecos y Fahana.
Con la pendiente de estos montes se
encontraba el camino algo y el grado
de pendiente y en los que se ordenaban
los soldados, para observar a los
moros.
Del camino al final de la conducción, se
mandó que las tropas avanzaran con in-
tención de tomar las alturas y una
Se acordó el pase por la cumbre de la
esposa de los pueblos limítrofes.
Los oficiales de las guarniciones se
encuentran contentos y bien instalados.
Los indígenas, con sus mujeres
y los niños, comerciando frutas y
hortalizas en las posiciones.
Se tomaron datos y se estableció el
precio de las hortalizas y legumbres,
ciertos y gallinas, perdices y huevos.
Estos indígenas solicitaron a nuestros
oficiales que algunos agricultores incluían
el bajo de Tetuán, que celebra frecuen-
tes reuniones con los indígenas, trabaja
el frente de los indígenas con su
bajo en la frontera, y gradualmente
dos avanzan para apoderarse de Tetuán.
